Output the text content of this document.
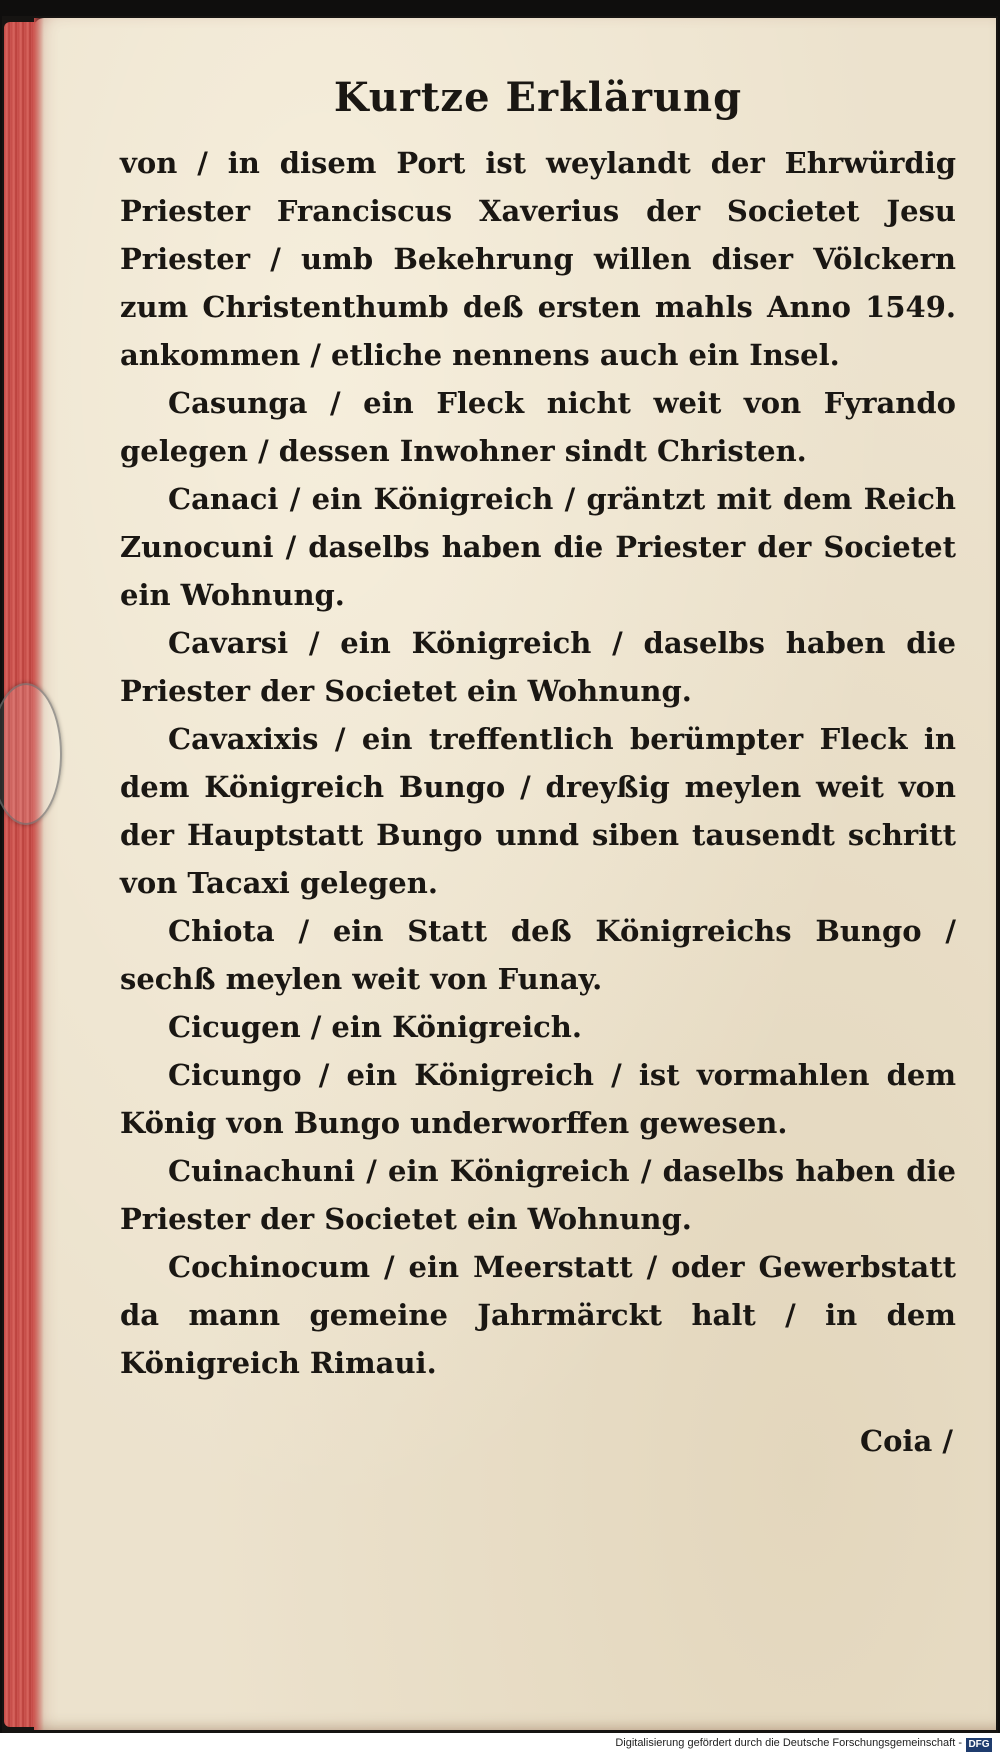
Kurtze Erklärung

von / in disem Port ist weylandt der Ehrwürdig Priester Franciscus Xaverius der Societet Jesu Priester / umb Bekehrung willen diser Völckern zum Christenthumb deß ersten mahls Anno 1549. ankommen / etliche nennens auch ein Insel.

Casunga / ein Fleck nicht weit von Fyrando gelegen / dessen Inwohner sindt Christen.

Canaci / ein Königreich / gräntzt mit dem Reich Zunocuni / daselbs haben die Priester der Societet ein Wohnung.

Cavarsi / ein Königreich / daselbs haben die Priester der Societet ein Wohnung.

Cavaxixis / ein treffentlich berümpter Fleck in dem Königreich Bungo / dreyßig meylen weit von der Hauptstatt Bungo unnd siben tausendt schritt von Tacaxi gelegen.

Chiota / ein Statt deß Königreichs Bungo / sechß meylen weit von Funay.

Cicugen / ein Königreich.

Cicungo / ein Königreich / ist vormahlen dem König von Bungo underworffen gewesen.

Cuinachuni / ein Königreich / daselbs haben die Priester der Societet ein Wohnung.

Cochinocum / ein Meerstatt / oder Gewerbstatt da mann gemeine Jahrmärckt halt / in dem Königreich Rimaui.

Coia /
Digitalisierung gefördert durch die Deutsche Forschungsgemeinschaft - DFG
